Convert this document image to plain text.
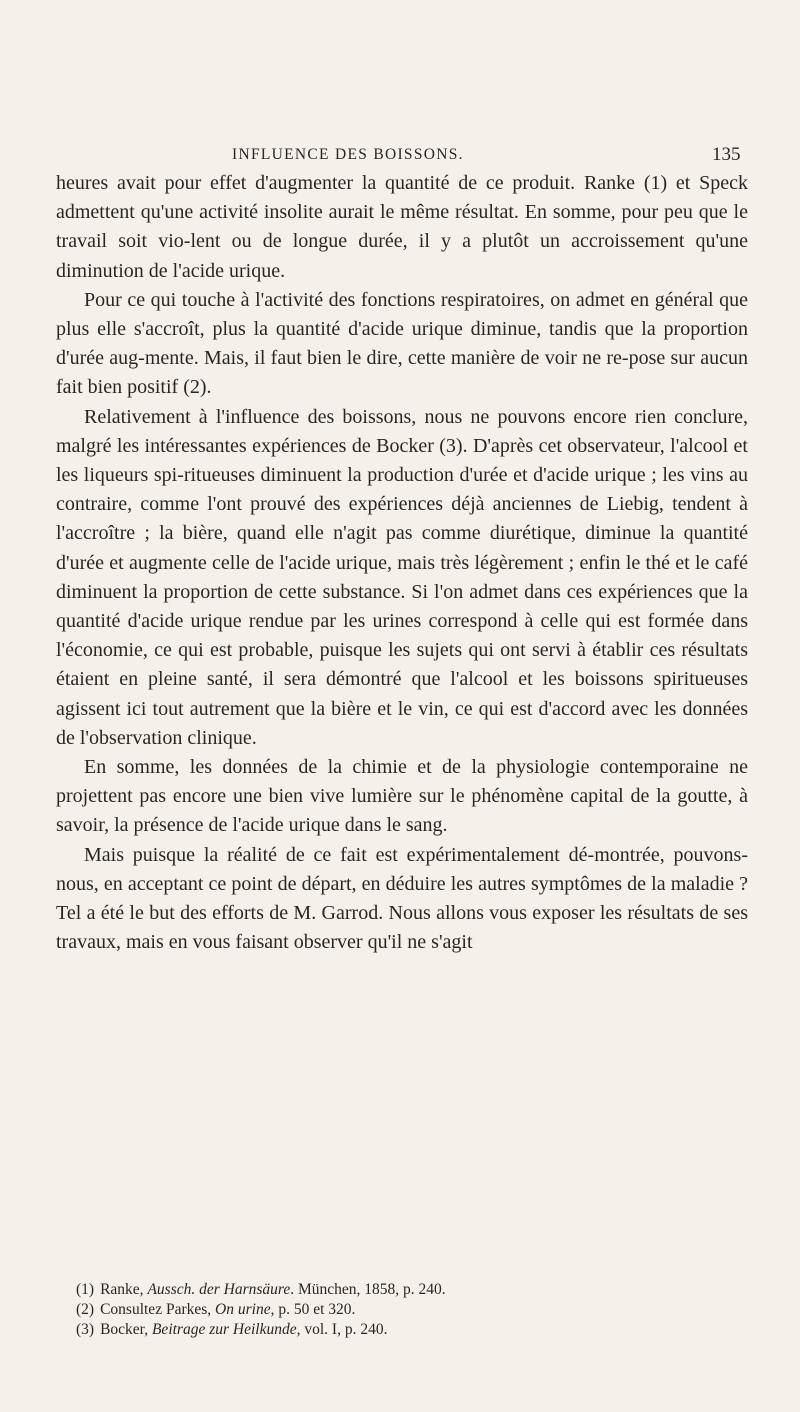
INFLUENCE DES BOISSONS.	135

heures avait pour effet d'augmenter la quantité de ce produit. Ranke (1) et Speck admettent qu'une activité insolite aurait le même résultat. En somme, pour peu que le travail soit vio-lent ou de longue durée, il y a plutôt un accroissement qu'une diminution de l'acide urique.

Pour ce qui touche à l'activité des fonctions respiratoires, on admet en général que plus elle s'accroît, plus la quantité d'acide urique diminue, tandis que la proportion d'urée aug-mente. Mais, il faut bien le dire, cette manière de voir ne re-pose sur aucun fait bien positif (2).

Relativement à l'influence des boissons, nous ne pouvons encore rien conclure, malgré les intéressantes expériences de Bocker (3). D'après cet observateur, l'alcool et les liqueurs spi-ritueuses diminuent la production d'urée et d'acide urique ; les vins au contraire, comme l'ont prouvé des expériences déjà anciennes de Liebig, tendent à l'accroître ; la bière, quand elle n'agit pas comme diurétique, diminue la quantité d'urée et augmente celle de l'acide urique, mais très légèrement ; enfin le thé et le café diminuent la proportion de cette substance. Si l'on admet dans ces expériences que la quantité d'acide urique rendue par les urines correspond à celle qui est formée dans l'économie, ce qui est probable, puisque les sujets qui ont servi à établir ces résultats étaient en pleine santé, il sera démontré que l'alcool et les boissons spiritueuses agissent ici tout autrement que la bière et le vin, ce qui est d'accord avec les données de l'observation clinique.

En somme, les données de la chimie et de la physiologie contemporaine ne projettent pas encore une bien vive lumière sur le phénomène capital de la goutte, à savoir, la présence de l'acide urique dans le sang.

Mais puisque la réalité de ce fait est expérimentalement dé-montrée, pouvons-nous, en acceptant ce point de départ, en déduire les autres symptômes de la maladie ? Tel a été le but des efforts de M. Garrod. Nous allons vous exposer les résultats de ses travaux, mais en vous faisant observer qu'il ne s'agit

(1) Ranke, Aussch. der Harnsäure. München, 1858, p. 240.

(2) Consultez Parkes, On urine, p. 50 et 320.

(3) Bocker, Beitrage zur Heilkunde, vol. I, p. 240.
